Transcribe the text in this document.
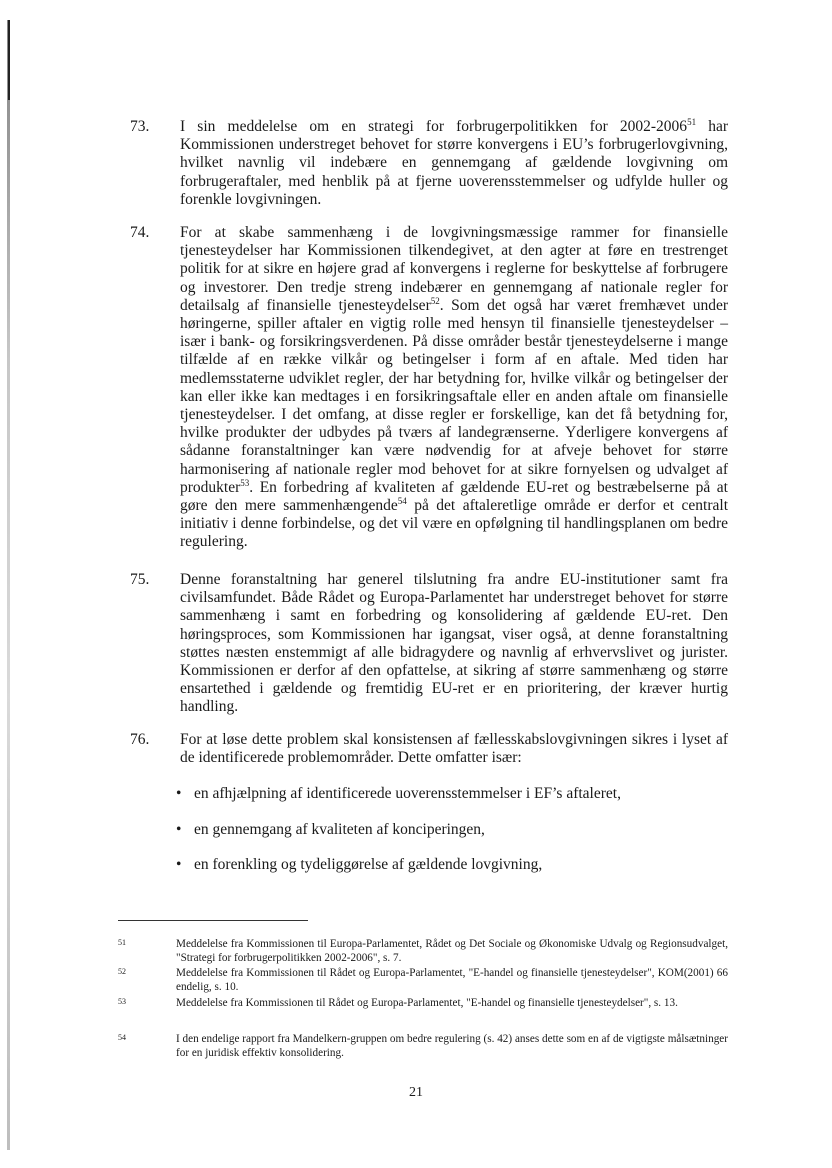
73. I sin meddelelse om en strategi for forbrugerpolitikken for 2002-2006$^{51}$ har Kommissionen understreget behovet for større konvergens i EU’s forbrugerlovgivning, hvilket navnlig vil indebære en gennemgang af gældende lovgivning om forbrugeraftaler, med henblik på at fjerne uoverensstemmelser og udfylde huller og forenkle lovgivningen.
74. For at skabe sammenhæng i de lovgivningsmæssige rammer for finansielle tjenesteydelser har Kommissionen tilkendegivet, at den agter at føre en trestrenget politik for at sikre en højere grad af konvergens i reglerne for beskyttelse af forbrugere og investorer. Den tredje streng indebærer en gennemgang af nationale regler for detailsalg af finansielle tjenesteydelser$^{52}$. Som det også har været fremhævet under høringerne, spiller aftaler en vigtig rolle med hensyn til finansielle tjenesteydelser – især i bank- og forsikringsverdenen. På disse områder består tjenesteydelserne i mange tilfælde af en række vilkår og betingelser i form af en aftale. Med tiden har medlemsstaterne udviklet regler, der har betydning for, hvilke vilkår og betingelser der kan eller ikke kan medtages i en forsikringsaftale eller en anden aftale om finansielle tjenesteydelser. I det omfang, at disse regler er forskellige, kan det få betydning for, hvilke produkter der udbydes på tværs af landegrænserne. Yderligere konvergens af sådanne foranstaltninger kan være nødvendig for at afveje behovet for større harmonisering af nationale regler mod behovet for at sikre fornyelsen og udvalget af produkter$^{53}$. En forbedring af kvaliteten af gældende EU-ret og bestræbelserne på at gøre den mere sammenhængende$^{54}$ på det aftaleretlige område er derfor et centralt initiativ i denne forbindelse, og det vil være en opfølgning til handlingsplanen om bedre regulering.
75. Denne foranstaltning har generel tilslutning fra andre EU-institutioner samt fra civilsamfundet. Både Rådet og Europa-Parlamentet har understreget behovet for større sammenhæng i samt en forbedring og konsolidering af gældende EU-ret. Den høringsproces, som Kommissionen har igangsat, viser også, at denne foranstaltning støttes næsten enstemmigt af alle bidragydere og navnlig af erhvervslivet og jurister. Kommissionen er derfor af den opfattelse, at sikring af større sammenhæng og større ensartethed i gældende og fremtidig EU-ret er en prioritering, der kræver hurtig handling.
76. For at løse dette problem skal konsistensen af fællesskabslovgivningen sikres i lyset af de identificerede problemområder. Dette omfatter især:
• en afhjælpning af identificerede uoverensstemmelser i EF’s aftaleret,
• en gennemgang af kvaliteten af konciperingen,
• en forenkling og tydeliggørelse af gældende lovgivning,
51	Meddelelse fra Kommissionen til Europa-Parlamentet, Rådet og Det Sociale og Økonomiske Udvalg og Regionsudvalget, "Strategi for forbrugerpolitikken 2002-2006", s. 7.
52	Meddelelse fra Kommissionen til Rådet og Europa-Parlamentet, "E-handel og finansielle tjenesteydelser", KOM(2001) 66 endelig, s. 10.
53	Meddelelse fra Kommissionen til Rådet og Europa-Parlamentet, "E-handel og finansielle tjenesteydelser", s. 13.
54	I den endelige rapport fra Mandelkern-gruppen om bedre regulering (s. 42) anses dette som en af de vigtigste målsætninger for en juridisk effektiv konsolidering.
21
